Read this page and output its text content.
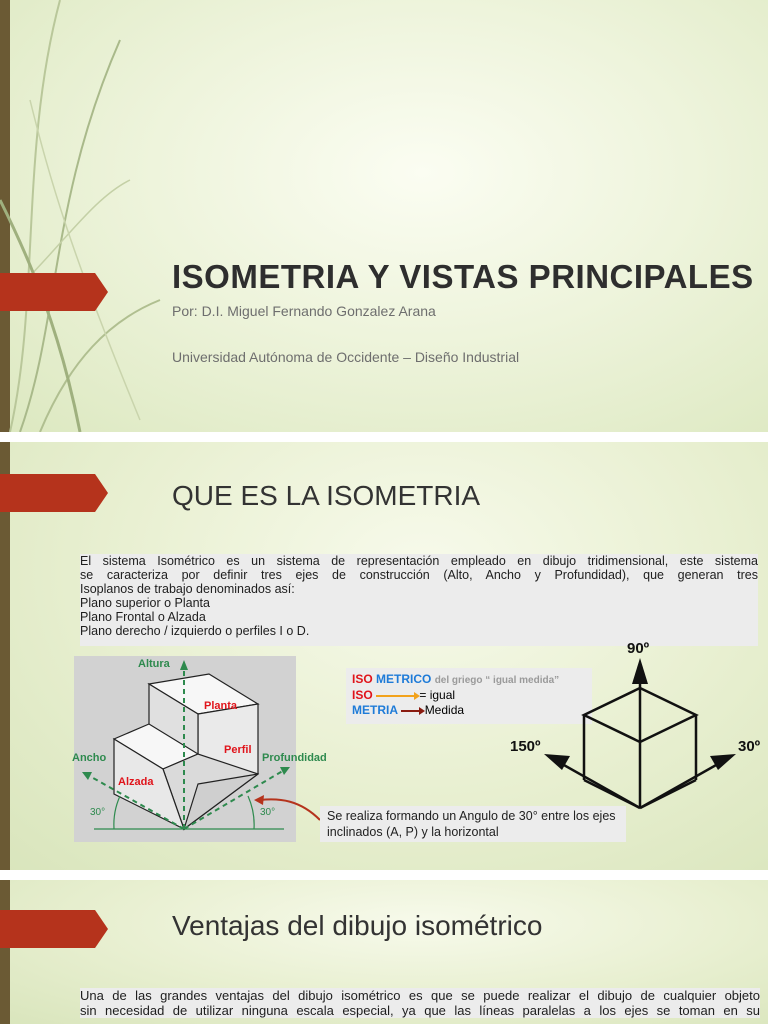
ISOMETRIA Y VISTAS PRINCIPALES
Por: D.I. Miguel Fernando Gonzalez Arana
Universidad Autónoma de Occidente – Diseño Industrial
QUE ES LA ISOMETRIA
El sistema Isométrico es un sistema de representación empleado en dibujo tridimensional, este sistema
se caracteriza por definir tres ejes de construcción (Alto, Ancho y Profundidad), que generan tres
Isoplanos de trabajo denominados así:
Plano superior o Planta
Plano Frontal o Alzada
Plano derecho / izquierdo o perfiles I o D.
Altura
Planta
Perfil
Alzada
30°	30°
Ancho	Profundidad
ISO METRICO del griego “ igual medida”
ISO	= igual
METRIA Medida
90º
150º	30º
Se realiza formando un Angulo de 30° entre los ejes inclinados (A, P) y la horizontal
Ventajas del dibujo isométrico
Una de las grandes ventajas del dibujo isométrico es que se puede realizar el dibujo de cualquier objeto
sin necesidad de utilizar ninguna escala especial, ya que las líneas paralelas a los ejes se toman en su
